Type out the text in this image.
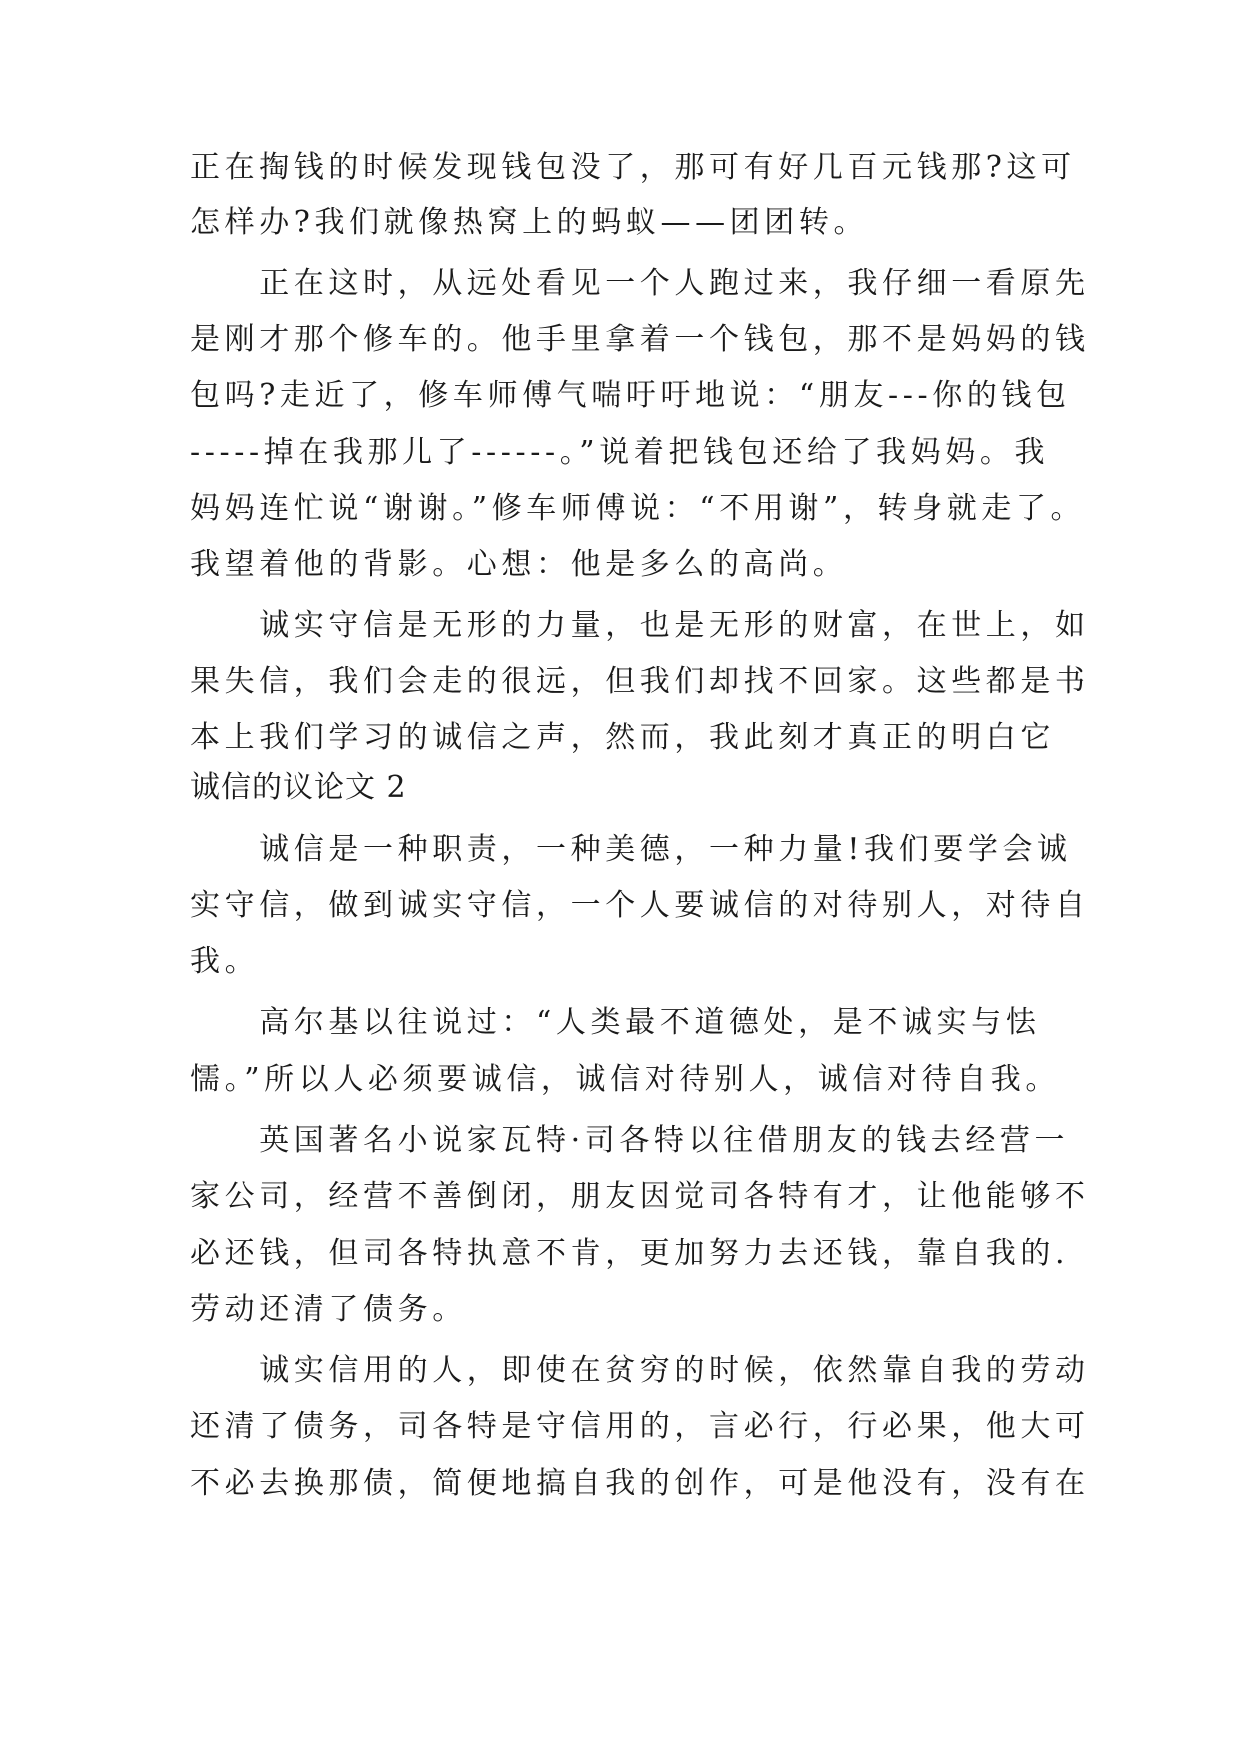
正在掏钱的时候发现钱包没了，那可有好几百元钱那?这可
怎样办?我们就像热窝上的蚂蚁——团团转。
　　正在这时，从远处看见一个人跑过来，我仔细一看原先
是刚才那个修车的。他手里拿着一个钱包，那不是妈妈的钱
包吗?走近了，修车师傅气喘吁吁地说：“朋友---你的钱包
-----掉在我那儿了------。”说着把钱包还给了我妈妈。我
妈妈连忙说“谢谢。”修车师傅说：“不用谢”，转身就走了。
我望着他的背影。心想：他是多么的高尚。
　　诚实守信是无形的力量，也是无形的财富，在世上，如
果失信，我们会走的很远，但我们却找不回家。这些都是书
本上我们学习的诚信之声，然而，我此刻才真正的明白它
诚信的议论文 2
　　诚信是一种职责，一种美德，一种力量!我们要学会诚
实守信，做到诚实守信，一个人要诚信的对待别人，对待自
我。
　　高尔基以往说过：“人类最不道德处，是不诚实与怯
懦。”所以人必须要诚信，诚信对待别人，诚信对待自我。
　　英国著名小说家瓦特·司各特以往借朋友的钱去经营一
家公司，经营不善倒闭，朋友因觉司各特有才，让他能够不
必还钱，但司各特执意不肯，更加努力去还钱，靠自我的.
劳动还清了债务。
　　诚实信用的人，即使在贫穷的时候，依然靠自我的劳动
还清了债务，司各特是守信用的，言必行，行必果，他大可
不必去换那债，简便地搞自我的创作，可是他没有，没有在
